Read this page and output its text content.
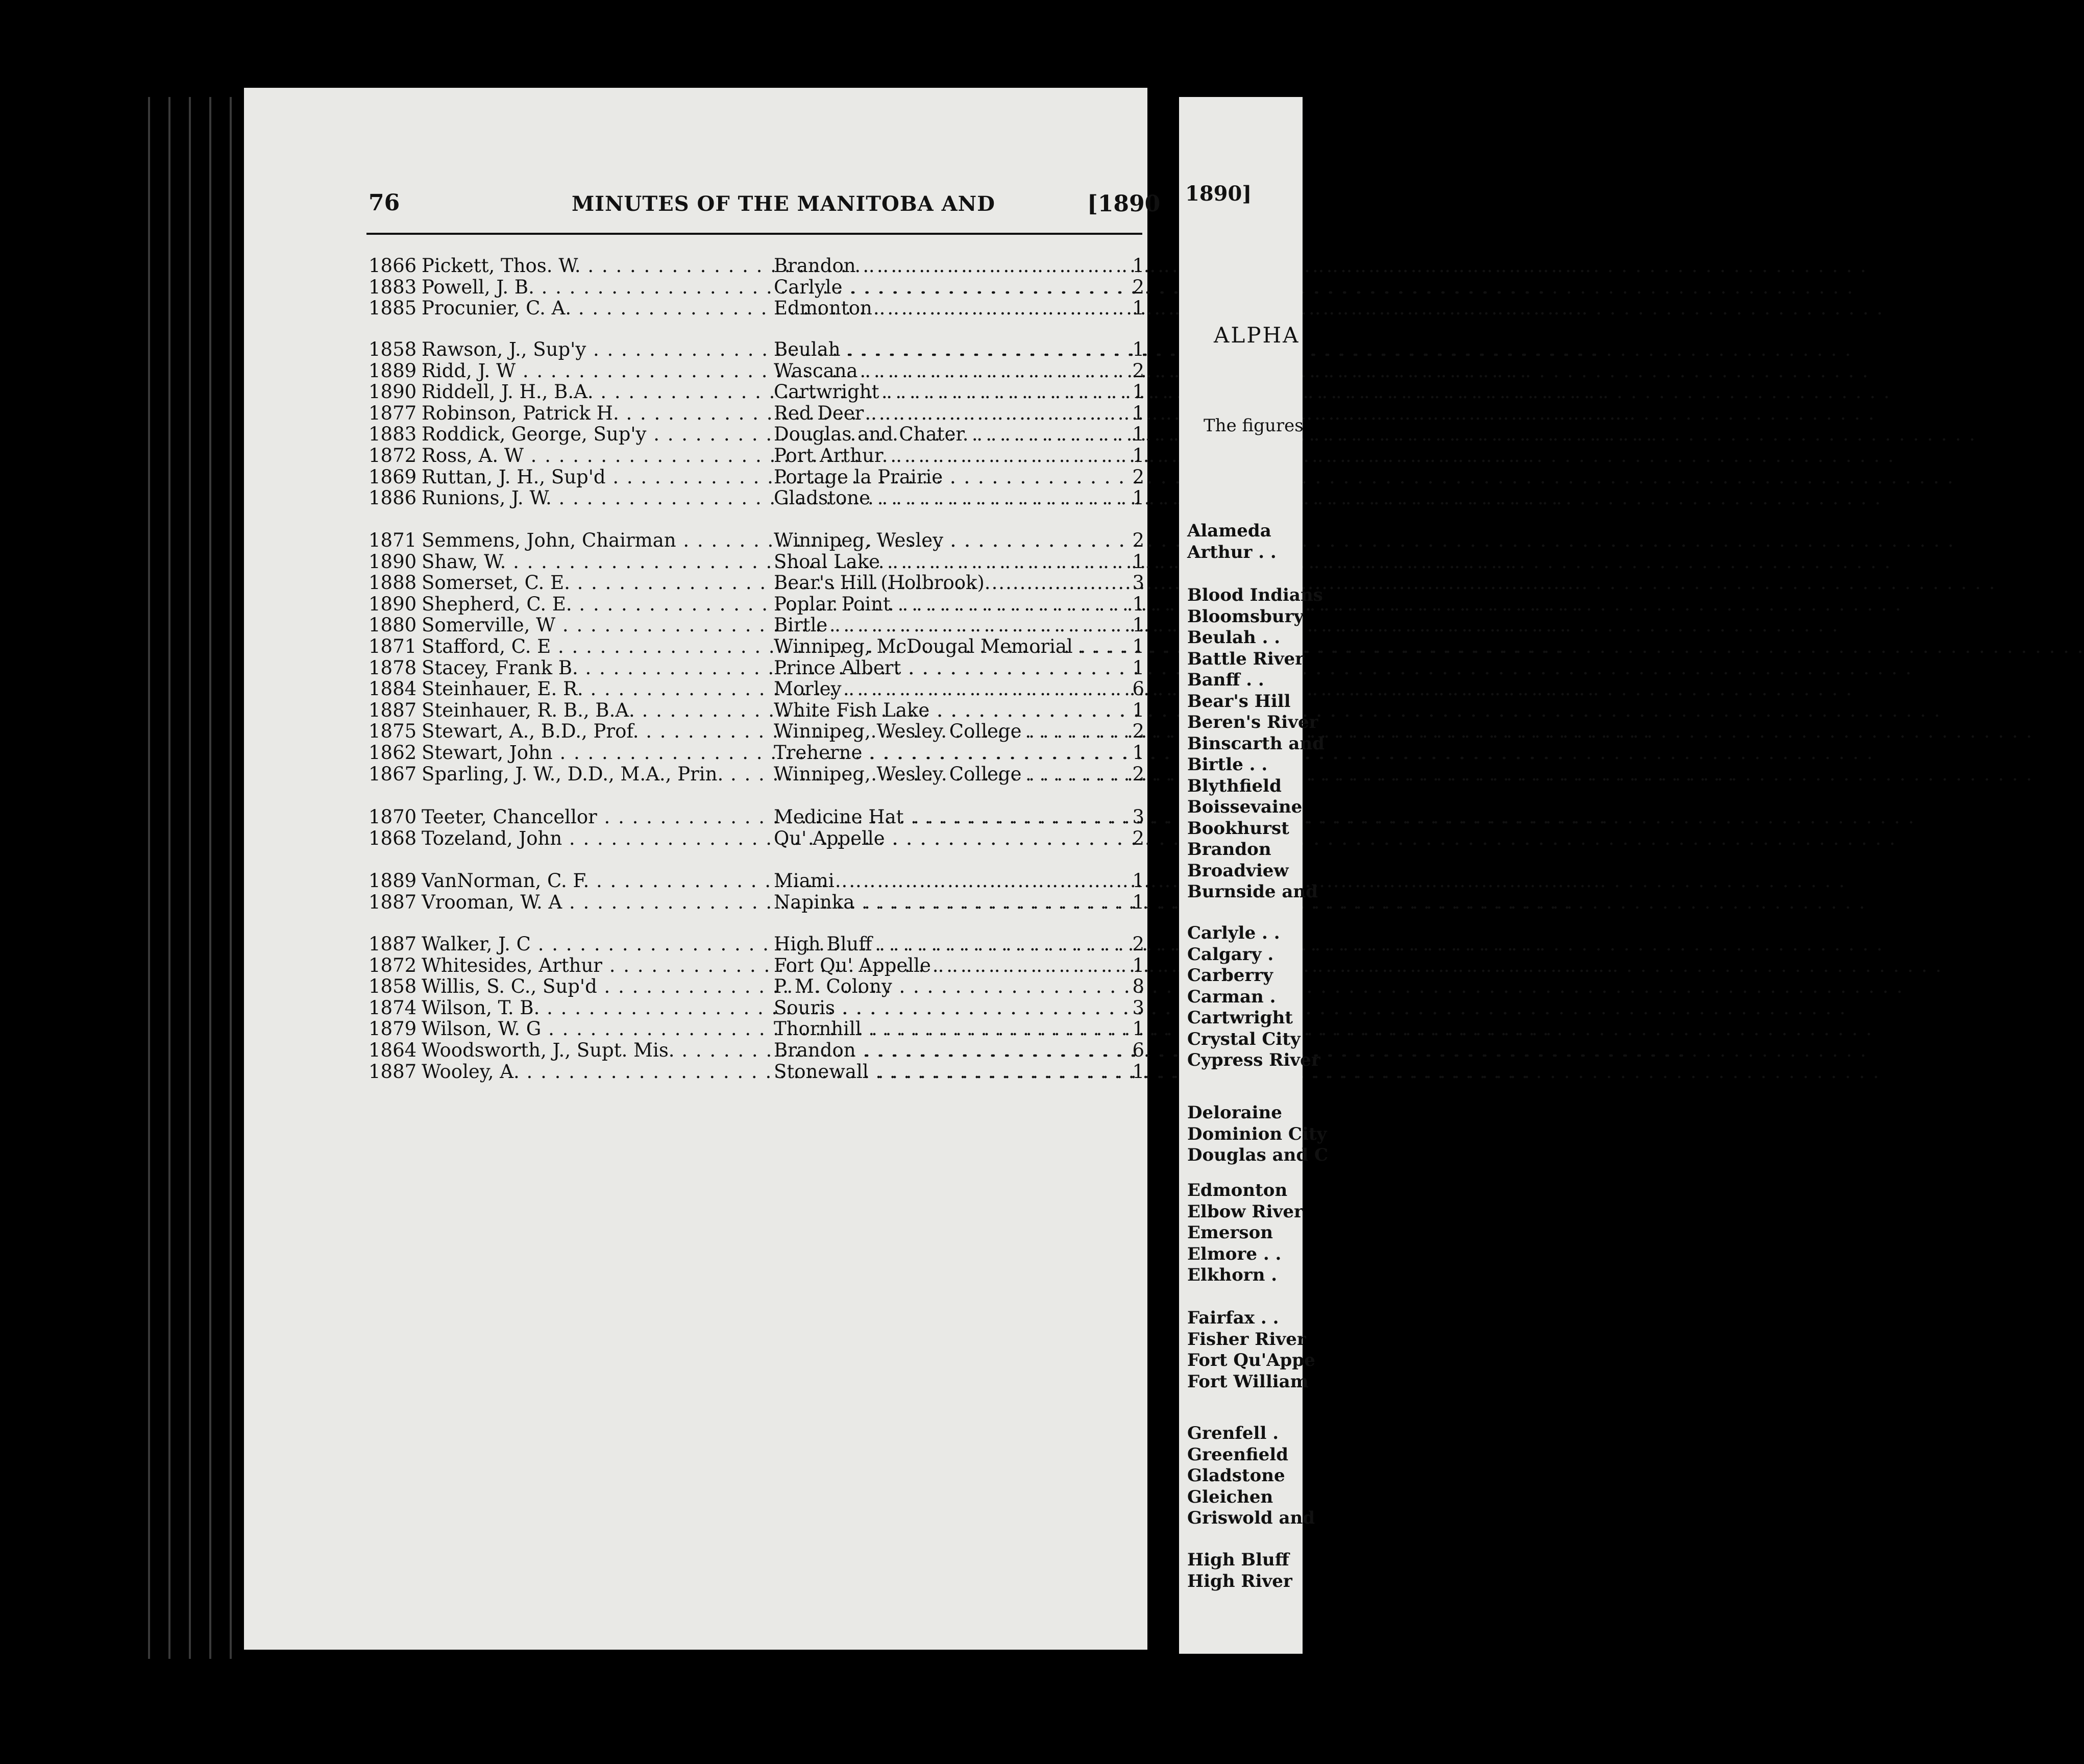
76	MINUTES OF THE MANITOBA AND	[1890
1866 Pickett, Thos. W. . . .	Brandon . . .	1
1883 Powell, J. B. . . .	Carlyle . . .	2
1885 Procunier, C. A. . . .	Edmonton . . .	1
1858 Rawson, J., Sup'y . . .	Beulah . . .	1
1889 Ridd, J. W . . .	Wascana . . .	2
1890 Riddell, J. H., B.A. . . .	Cartwright . . .	1
1877 Robinson, Patrick H. . . .	Red Deer . . .	1
1883 Roddick, George, Sup'y . . .	Douglas and Chater . . .	1
1872 Ross, A. W . . .	Port Arthur . . .	1
1869 Ruttan, J. H., Sup'd . . .	Portage la Prairie . . .	2
1886 Runions, J. W. . . .	Gladstone . . .	1
1871 Semmens, John, Chairman . . .	Winnipeg, Wesley . . .	2
1890 Shaw, W. . . .	Shoal Lake . . .	1
1888 Somerset, C. E. . . .	Bear's Hill (Holbrook) . . .	3
1890 Shepherd, C. E. . . .	Poplar Point . . .	1
1880 Somerville, W . . .	Birtle . . .	1
1871 Stafford, C. E . . .	Winnipeg, McDougal Memorial . . .	1
1878 Stacey, Frank B. . . .	Prince Albert . . .	1
1884 Steinhauer, E. R. . . .	Morley . . .	6
1887 Steinhauer, R. B., B.A. . . .	White Fish Lake . . .	1
1875 Stewart, A., B.D., Prof. . . .	Winnipeg, Wesley College . . .	2
1862 Stewart, John . . .	Treherne . . .	1
1867 Sparling, J. W., D.D., M.A., Prin. . . .	Winnipeg, Wesley College . . .	2
1870 Teeter, Chancellor . . .	Medicine Hat . . .	3
1868 Tozeland, John . . .	Qu' Appelle . . .	2
1889 VanNorman, C. F. . . .	Miami . . .	1
1887 Vrooman, W. A . . .	Napinka . . .	1
1887 Walker, J. C . . .	High Bluff . . .	2
1872 Whitesides, Arthur . . .	Fort Qu' Appelle . . .	1
1858 Willis, S. C., Sup'd . . .	P. M. Colony . . .	8
1874 Wilson, T. B. . . .	Souris . . .	3
1879 Wilson, W. G . . .	Thornhill . . .	1
1864 Woodsworth, J., Supt. Mis. . . .	Brandon . . .	6
1887 Wooley, A. . . .	Stonewall . . .	1
1890]
ALPHA
The figures
Alameda
Arthur . .
Blood Indians
Bloomsbury
Beulah . .
Battle River
Banff . .
Bear's Hill
Beren's River
Binscarth and
Birtle . .
Blythfield
Boissevaine
Bookhurst
Brandon
Broadview
Burnside and
Carlyle . .
Calgary .
Carberry
Carman .
Cartwright
Crystal City
Cypress River
Deloraine
Dominion City
Douglas and C
Edmonton
Elbow River
Emerson
Elmore . .
Elkhorn .
Fairfax . .
Fisher River
Fort Qu'Appe
Fort William
Grenfell .
Greenfield
Gladstone
Gleichen
Griswold and
High Bluff
High River
